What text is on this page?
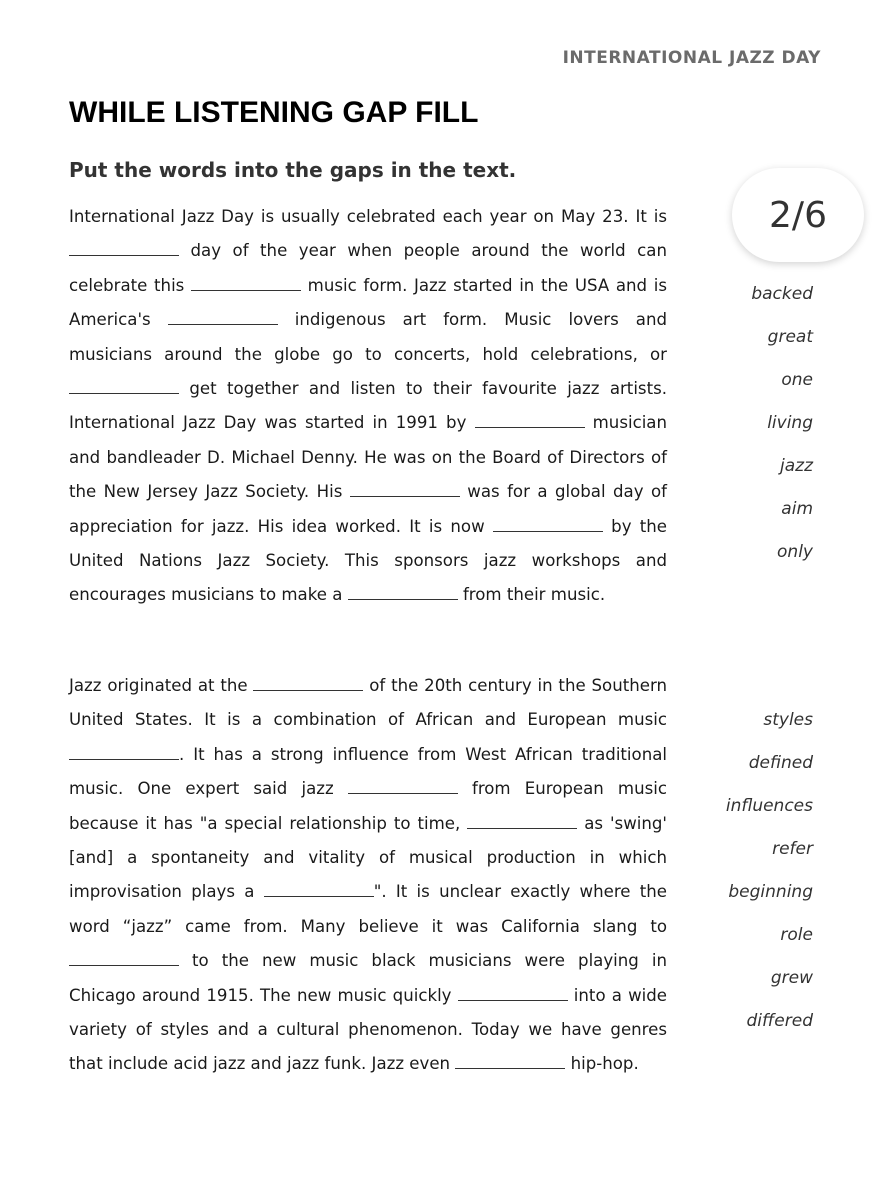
INTERNATIONAL JAZZ DAY
WHILE LISTENING GAP FILL
Put the words into the gaps in the text.
2/6

International Jazz Day is usually celebrated each year on May 23. It is  day of the year when people around the world can celebrate this	music form. Jazz started in the USA and is America's	indigenous art form. Music lovers and musicians around the globe go to concerts, hold celebrations, or  get together and listen to their favourite jazz artists. International Jazz Day was started in 1991 by	musician and bandleader D. Michael Denny. He was on the Board of Directors of the New Jersey Jazz Society. His	was for a global day of appreciation for jazz. His idea worked. It is now	by the United Nations Jazz Society. This sponsors jazz workshops and encourages musicians to make a	from their music.

backed
great
one
living
jazz
aim
only

Jazz originated at the	of the 20th century in the Southern United States. It is a combination of African and European music . It has a strong influence from West African traditional music. One expert said jazz	from European music because it has "a special relationship to time,	as 'swing' [and] a spontaneity and vitality of musical production in which improvisation plays a	". It is unclear exactly where the word “jazz” came from. Many believe it was California slang to  to the new music black musicians were playing in Chicago around 1915. The new music quickly	into a wide variety of styles and a cultural phenomenon. Today we have genres that include acid jazz and jazz funk. Jazz even	hip-hop.

styles
defined
influences
refer
beginning
role
grew
differed
